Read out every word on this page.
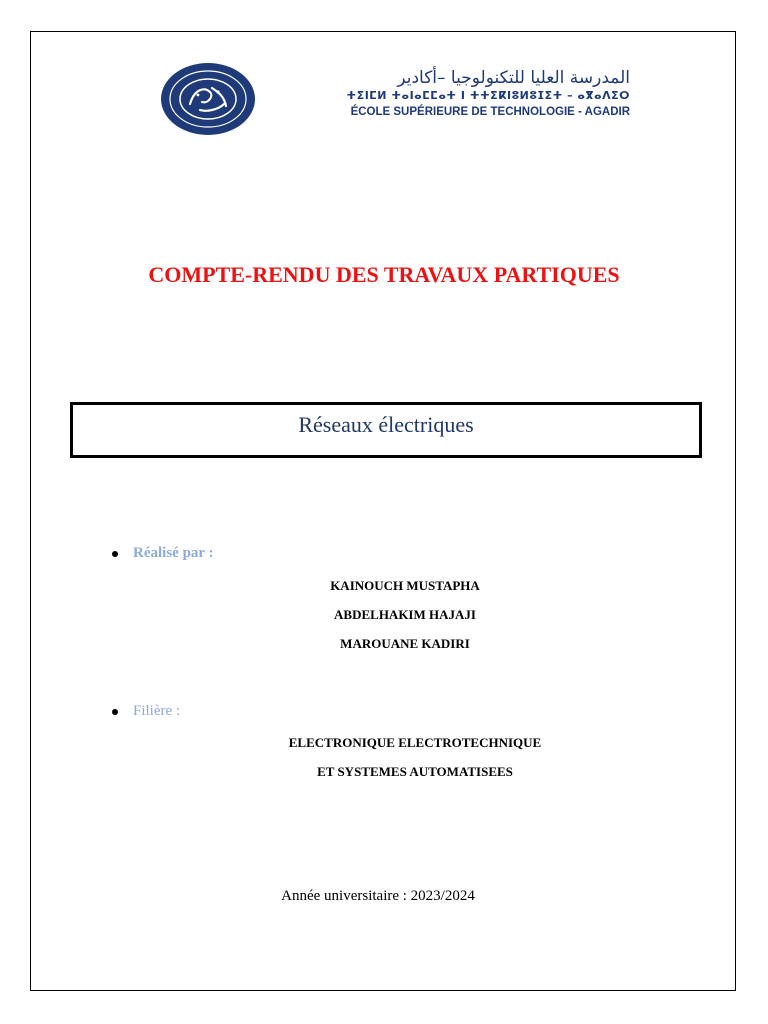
المدرسة العليا للتكنولوجيا –أكادير
ⵜⵉⵏⵎⵍ ⵜⴰⵏⴰⵎⵎⴰⵜ ⵏ ⵜⵜⵉⴽⵏⵓⵍⵓⵊⵉⵜ – ⴰⴳⴰⴷⵉⵔ
ÉCOLE SUPÉRIEURE DE TECHNOLOGIE - AGADIR
COMPTE-RENDU DES TRAVAUX PARTIQUES
Réseaux électriques
Réalisé par :
KAINOUCH MUSTAPHA
ABDELHAKIM HAJAJI
MAROUANE KADIRI
Filière :
ELECTRONIQUE ELECTROTECHNIQUE
ET SYSTEMES AUTOMATISEES
Année universitaire : 2023/2024
